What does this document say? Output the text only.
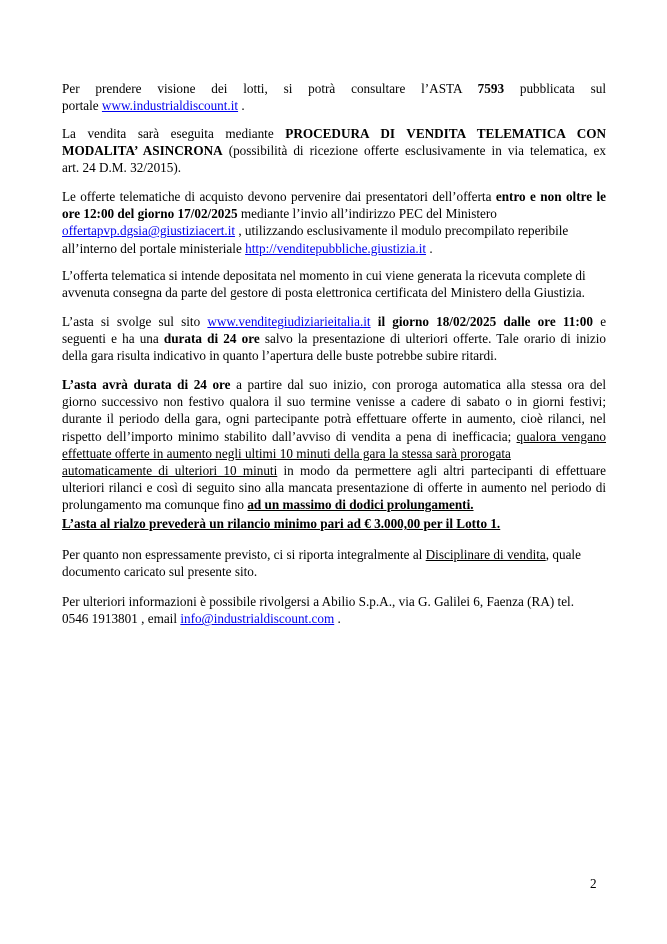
Per prendere visione dei lotti, si potrà consultare l’ASTA 7593 pubblicata sul
portale www.industrialdiscount.it .
La vendita sarà eseguita mediante PROCEDURA DI VENDITA TELEMATICA CON
MODALITA’ ASINCRONA (possibilità di ricezione offerte esclusivamente in via telematica, ex
art. 24 D.M. 32/2015).
Le offerte telematiche di acquisto devono pervenire dai presentatori dell’offerta entro e non oltre le
ore 12:00 del giorno 17/02/2025 mediante l’invio all’indirizzo PEC del Ministero
offertapvp.dgsia@giustiziacert.it , utilizzando esclusivamente il modulo precompilato reperibile
all’interno del portale ministeriale http://venditepubbliche.giustizia.it .
L’offerta telematica si intende depositata nel momento in cui viene generata la ricevuta complete di
avvenuta consegna da parte del gestore di posta elettronica certificata del Ministero della Giustizia.
L’asta si svolge sul sito www.venditegiudiziarieitalia.it il giorno 18/02/2025 dalle ore 11:00 e
seguenti e ha una durata di 24 ore salvo la presentazione di ulteriori offerte. Tale orario di inizio
della gara risulta indicativo in quanto l’apertura delle buste potrebbe subire ritardi.
L’asta avrà durata di 24 ore a partire dal suo inizio, con proroga automatica alla stessa ora del
giorno successivo non festivo qualora il suo termine venisse a cadere di sabato o in giorni festivi;
durante il periodo della gara, ogni partecipante potrà effettuare offerte in aumento, cioè rilanci, nel
rispetto dell’importo minimo stabilito dall’avviso di vendita a pena di inefficacia; qualora vengano
effettuate offerte in aumento negli ultimi 10 minuti della gara la stessa sarà prorogata
automaticamente di ulteriori 10 minuti in modo da permettere agli altri partecipanti di effettuare
ulteriori rilanci e così di seguito sino alla mancata presentazione di offerte in aumento nel periodo di
prolungamento ma comunque fino ad un massimo di dodici prolungamenti.
L’asta al rialzo prevederà un rilancio minimo pari ad € 3.000,00 per il Lotto 1.
Per quanto non espressamente previsto, ci si riporta integralmente al Disciplinare di vendita, quale
documento caricato sul presente sito.
Per ulteriori informazioni è possibile rivolgersi a Abilio S.p.A., via G. Galilei 6, Faenza (RA) tel.
0546 1913801 , email info@industrialdiscount.com .
2
